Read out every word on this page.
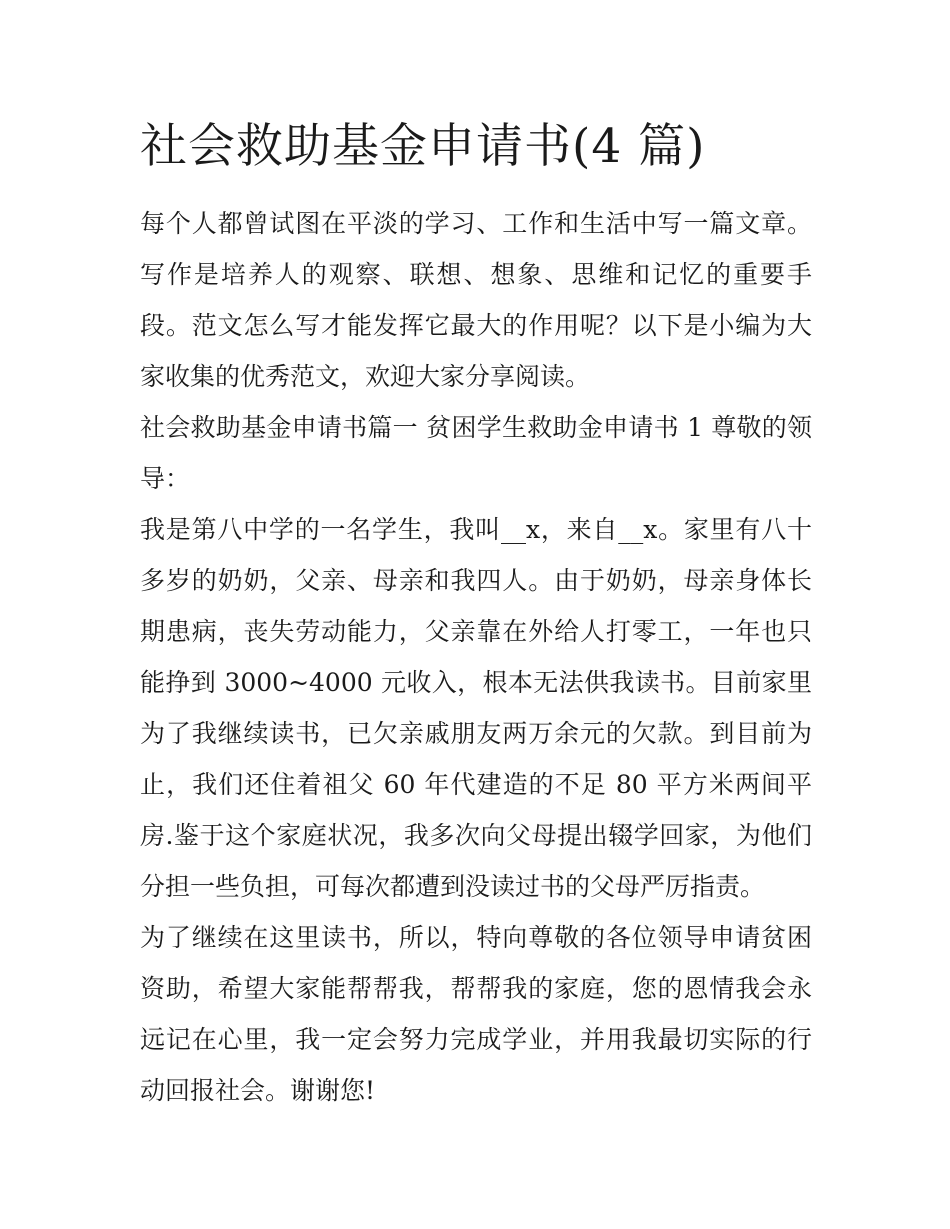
社会救助基金申请书(4 篇)

每个人都曾试图在平淡的学习、工作和生活中写一篇文章。写作是培养人的观察、联想、想象、思维和记忆的重要手段。范文怎么写才能发挥它最大的作用呢？以下是小编为大家收集的优秀范文，欢迎大家分享阅读。

社会救助基金申请书篇一 贫困学生救助金申请书 1 尊敬的领导：

我是第八中学的一名学生，我叫__x，来自__x。家里有八十多岁的奶奶，父亲、母亲和我四人。由于奶奶，母亲身体长期患病，丧失劳动能力，父亲靠在外给人打零工，一年也只能挣到 3000~4000 元收入，根本无法供我读书。目前家里为了我继续读书，已欠亲戚朋友两万余元的欠款。到目前为止，我们还住着祖父 60 年代建造的不足 80 平方米两间平房.鉴于这个家庭状况，我多次向父母提出辍学回家，为他们分担一些负担，可每次都遭到没读过书的父母严厉指责。

为了继续在这里读书，所以，特向尊敬的各位领导申请贫困资助，希望大家能帮帮我，帮帮我的家庭，您的恩情我会永远记在心里，我一定会努力完成学业，并用我最切实际的行动回报社会。谢谢您!
